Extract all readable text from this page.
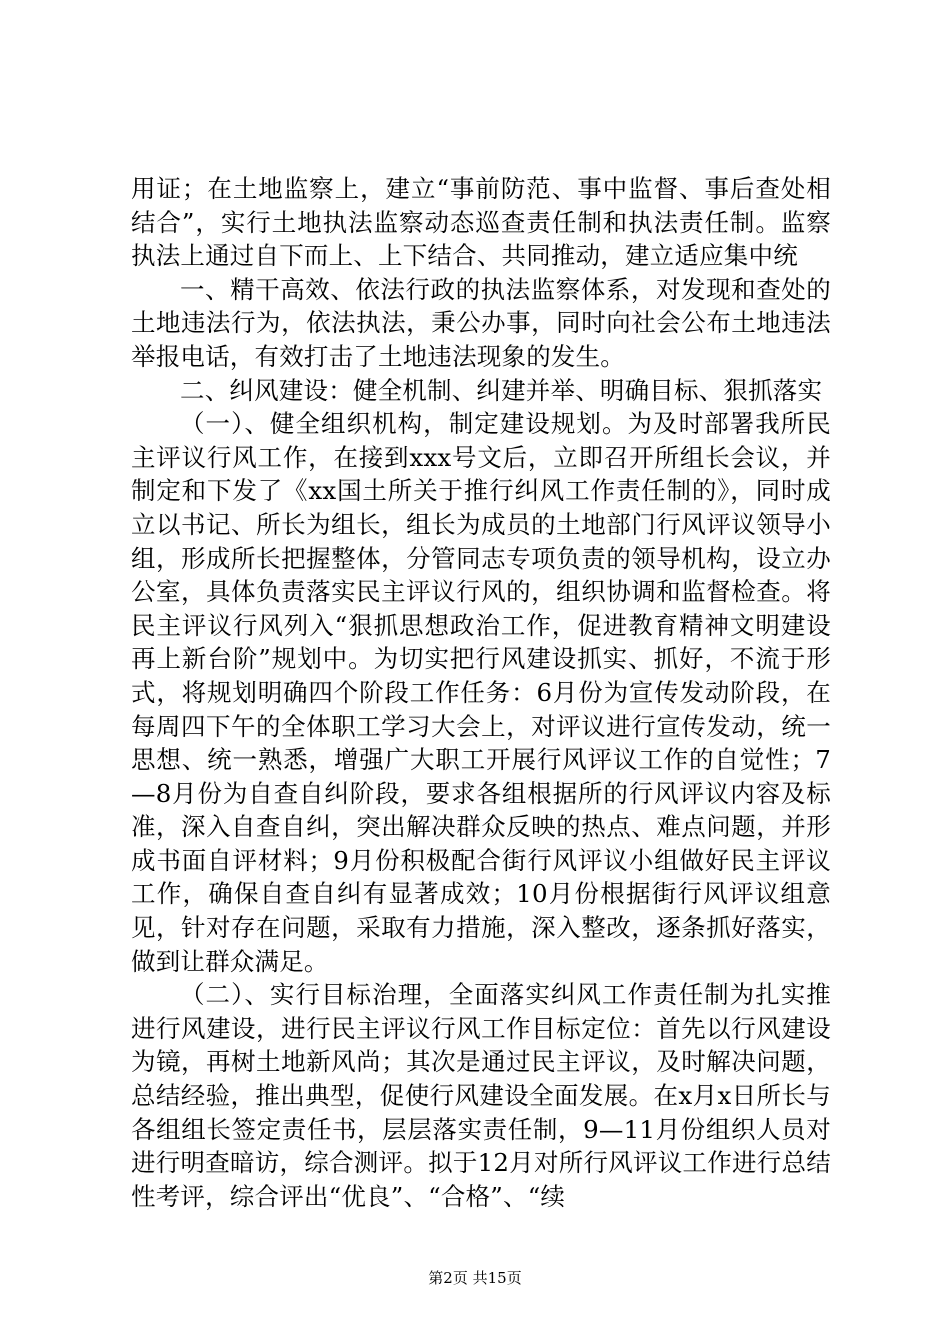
用证；在土地监察上，建立“事前防范、事中监督、事后查处相结合”，实行土地执法监察动态巡查责任制和执法责任制。监察执法上通过自下而上、上下结合、共同推动，建立适应集中统

一、精干高效、依法行政的执法监察体系，对发现和查处的土地违法行为，依法执法，秉公办事，同时向社会公布土地违法举报电话，有效打击了土地违法现象的发生。

二、纠风建设：健全机制、纠建并举、明确目标、狠抓落实

（一）、健全组织机构，制定建设规划。为及时部署我所民主评议行风工作，在接到xxx号文后，立即召开所组长会议，并制定和下发了《xx国土所关于推行纠风工作责任制的》，同时成立以书记、所长为组长，组长为成员的土地部门行风评议领导小组，形成所长把握整体，分管同志专项负责的领导机构，设立办公室，具体负责落实民主评议行风的，组织协调和监督检查。将民主评议行风列入“狠抓思想政治工作，促进教育精神文明建设再上新台阶”规划中。为切实把行风建设抓实、抓好，不流于形式，将规划明确四个阶段工作任务：6月份为宣传发动阶段，在每周四下午的全体职工学习大会上，对评议进行宣传发动，统一思想、统一熟悉，增强广大职工开展行风评议工作的自觉性；7—8月份为自查自纠阶段，要求各组根据所的行风评议内容及标准，深入自查自纠，突出解决群众反映的热点、难点问题，并形成书面自评材料；9月份积极配合街行风评议小组做好民主评议工作，确保自查自纠有显著成效；10月份根据街行风评议组意见，针对存在问题，采取有力措施，深入整改，逐条抓好落实，做到让群众满足。

（二）、实行目标治理，全面落实纠风工作责任制为扎实推进行风建设，进行民主评议行风工作目标定位：首先以行风建设为镜，再树土地新风尚；其次是通过民主评议，及时解决问题，总结经验，推出典型，促使行风建设全面发展。在x月x日所长与各组组长签定责任书，层层落实责任制，9—11月份组织人员对进行明查暗访，综合测评。拟于12月对所行风评议工作进行总结性考评，综合评出“优良”、“合格”、“续

第2页 共15页
